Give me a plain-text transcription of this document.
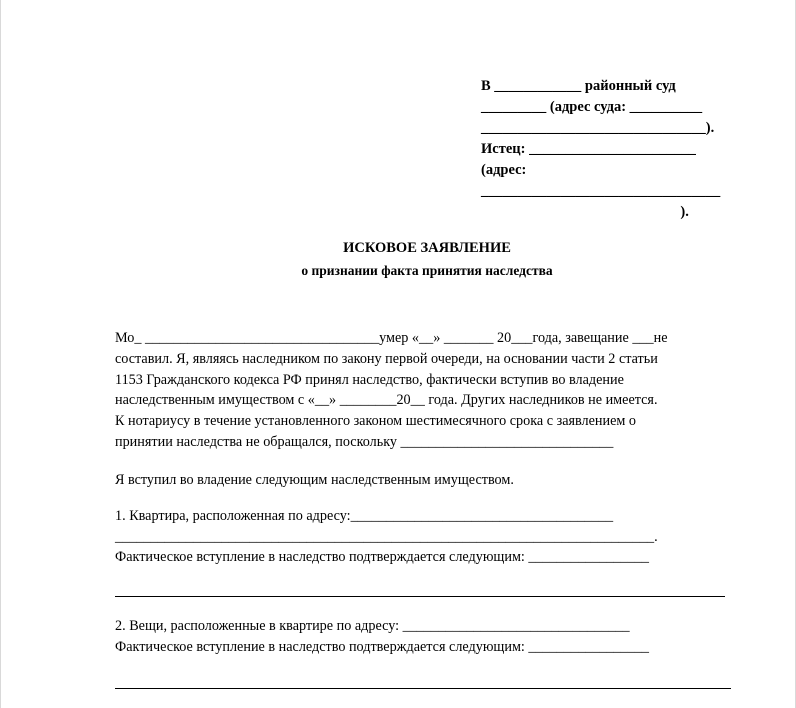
В ____________ районный суд
_________ (адрес суда: __________
_______________________________).
Истец: _______________________
(адрес:
_________________________________
).
ИСКОВОЕ ЗАЯВЛЕНИЕ
о признании факта принятия наследства
Мо_ _________________________________умер «__» _______ 20___года, завещание ___не
составил. Я, являясь наследником по закону первой очереди, на основании части 2 статьи
1153 Гражданского кодекса РФ принял наследство, фактически вступив во владение
наследственным имуществом с «__» ________20__ года. Других наследников не имеется.
К нотариусу в течение установленного законом шестимесячного срока с заявлением о
принятии наследства не обращался, поскольку ______________________________
Я вступил во владение следующим наследственным имуществом.
1. Квартира, расположенная по адресу:_____________________________________
____________________________________________________________________________.
Фактическое вступление в наследство подтверждается следующим: _________________
2. Вещи, расположенные в квартире по адресу: ________________________________
Фактическое вступление в наследство подтверждается следующим: _________________
